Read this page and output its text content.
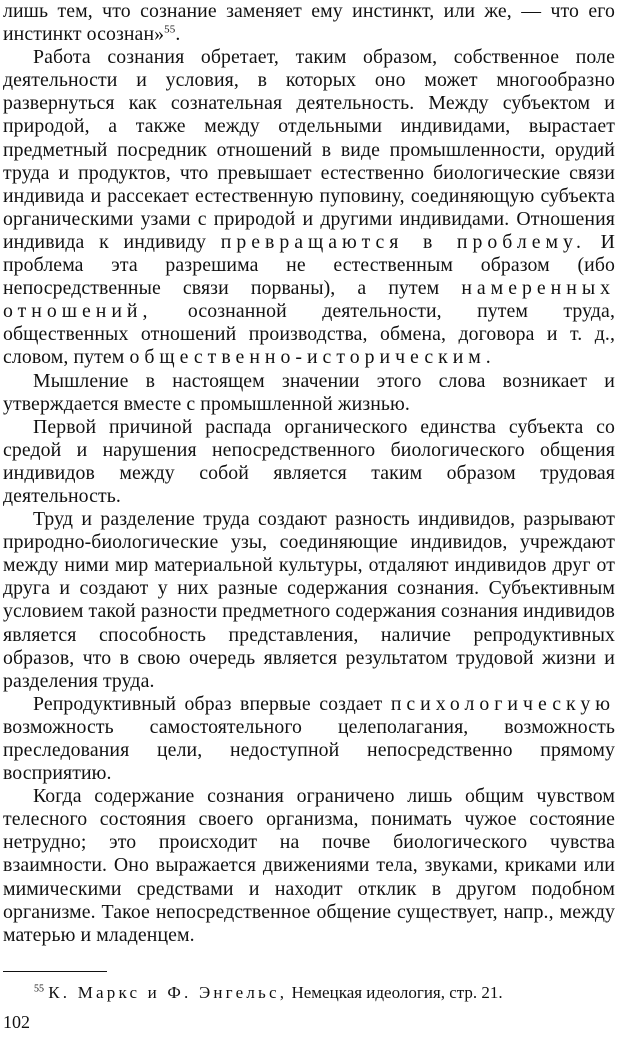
лишь тем, что сознание заменяет ему инстинкт, или же, — что его инстинкт осознан»$^{55}$.

Работа сознания обретает, таким образом, собственное поле деятельности и условия, в которых оно может многообразно развернуться как сознательная деятельность. Между субъектом и природой, а также между отдельными индивидами, вырастает предметный посредник отношений в виде промышленности, орудий труда и продуктов, что превышает естественно биологические связи индивида и рассекает естественную пуповину, соединяющую субъекта органическими узами с природой и другими индивидами. Отношения индивида к индивиду превращаются в проблему. И проблема эта разрешима не естественным образом (ибо непосредственные связи порваны), а путем намеренных отношений, осознанной деятельности, путем труда, общественных отношений производства, обмена, договора и т. д., словом, путем общественно-историческим.

Мышление в настоящем значении этого слова возникает и утверждается вместе с промышленной жизнью.

Первой причиной распада органического единства субъекта со средой и нарушения непосредственного биологического общения индивидов между собой является таким образом трудовая деятельность.

Труд и разделение труда создают разность индивидов, разрывают природно-биологические узы, соединяющие индивидов, учреждают между ними мир материальной культуры, отдаляют индивидов друг от друга и создают у них разные содержания сознания. Субъективным условием такой разности предметного содержания сознания индивидов является способность представления, наличие репродуктивных образов, что в свою очередь является результатом трудовой жизни и разделения труда.

Репродуктивный образ впервые создает психологическую возможность самостоятельного целеполагания, возможность преследования цели, недоступной непосредственно прямому восприятию.

Когда содержание сознания ограничено лишь общим чувством телесного состояния своего организма, понимать чужое состояние нетрудно; это происходит на почве биологического чувства взаимности. Оно выражается движениями тела, звуками, криками или мимическими средствами и находит отклик в другом подобном организме. Такое непосредственное общение существует, напр., между матерью и младенцем.

$^{55}$ К. Маркс и Ф. Энгельс, Немецкая идеология, стр. 21.
102
